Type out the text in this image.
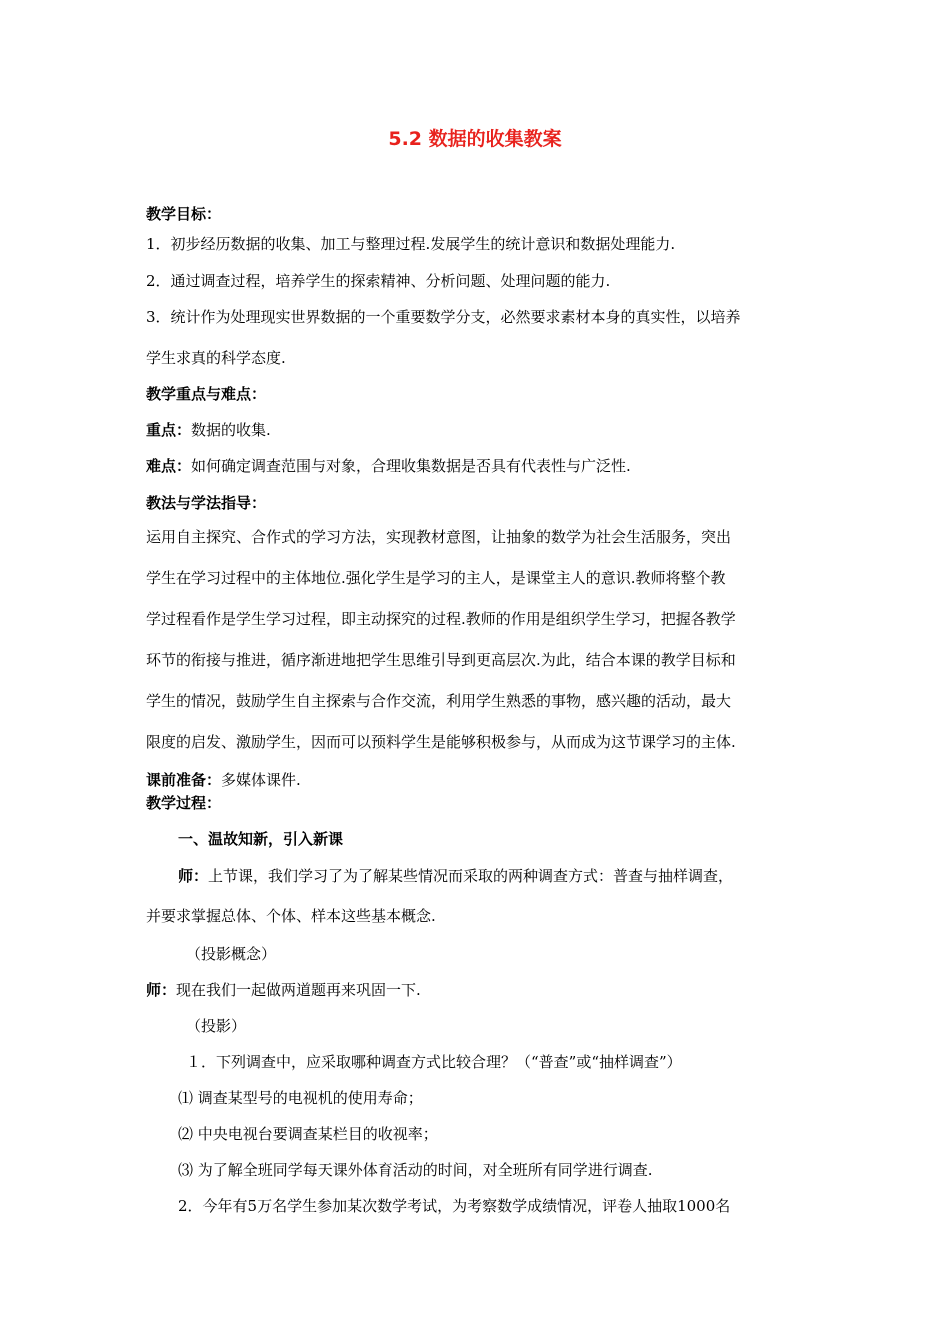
5.2 数据的收集教案

教学目标：

1．初步经历数据的收集、加工与整理过程.发展学生的统计意识和数据处理能力.

2．通过调查过程，培养学生的探索精神、分析问题、处理问题的能力.

3．统计作为处理现实世界数据的一个重要数学分支，必然要求素材本身的真实性，以培养

学生求真的科学态度.

教学重点与难点：

重点：数据的收集.

难点：如何确定调查范围与对象，合理收集数据是否具有代表性与广泛性.

教法与学法指导：

运用自主探究、合作式的学习方法，实现教材意图，让抽象的数学为社会生活服务，突出

学生在学习过程中的主体地位.强化学生是学习的主人，是课堂主人的意识.教师将整个教

学过程看作是学生学习过程，即主动探究的过程.教师的作用是组织学生学习，把握各教学

环节的衔接与推进，循序渐进地把学生思维引导到更高层次.为此，结合本课的教学目标和

学生的情况，鼓励学生自主探索与合作交流，利用学生熟悉的事物，感兴趣的活动，最大

限度的启发、激励学生，因而可以预料学生是能够积极参与，从而成为这节课学习的主体.

课前准备：多媒体课件.

教学过程：

一、温故知新，引入新课

师：上节课，我们学习了为了解某些情况而采取的两种调查方式：普查与抽样调查，

并要求掌握总体、个体、样本这些基本概念.

（投影概念）

师：现在我们一起做两道题再来巩固一下.

（投影）

１．下列调查中，应采取哪种调查方式比较合理？（“普查”或“抽样调查”）

⑴ 调查某型号的电视机的使用寿命；

⑵ 中央电视台要调查某栏目的收视率；

⑶ 为了解全班同学每天课外体育活动的时间，对全班所有同学进行调查.

2．今年有5万名学生参加某次数学考试，为考察数学成绩情况，评卷人抽取1000名
